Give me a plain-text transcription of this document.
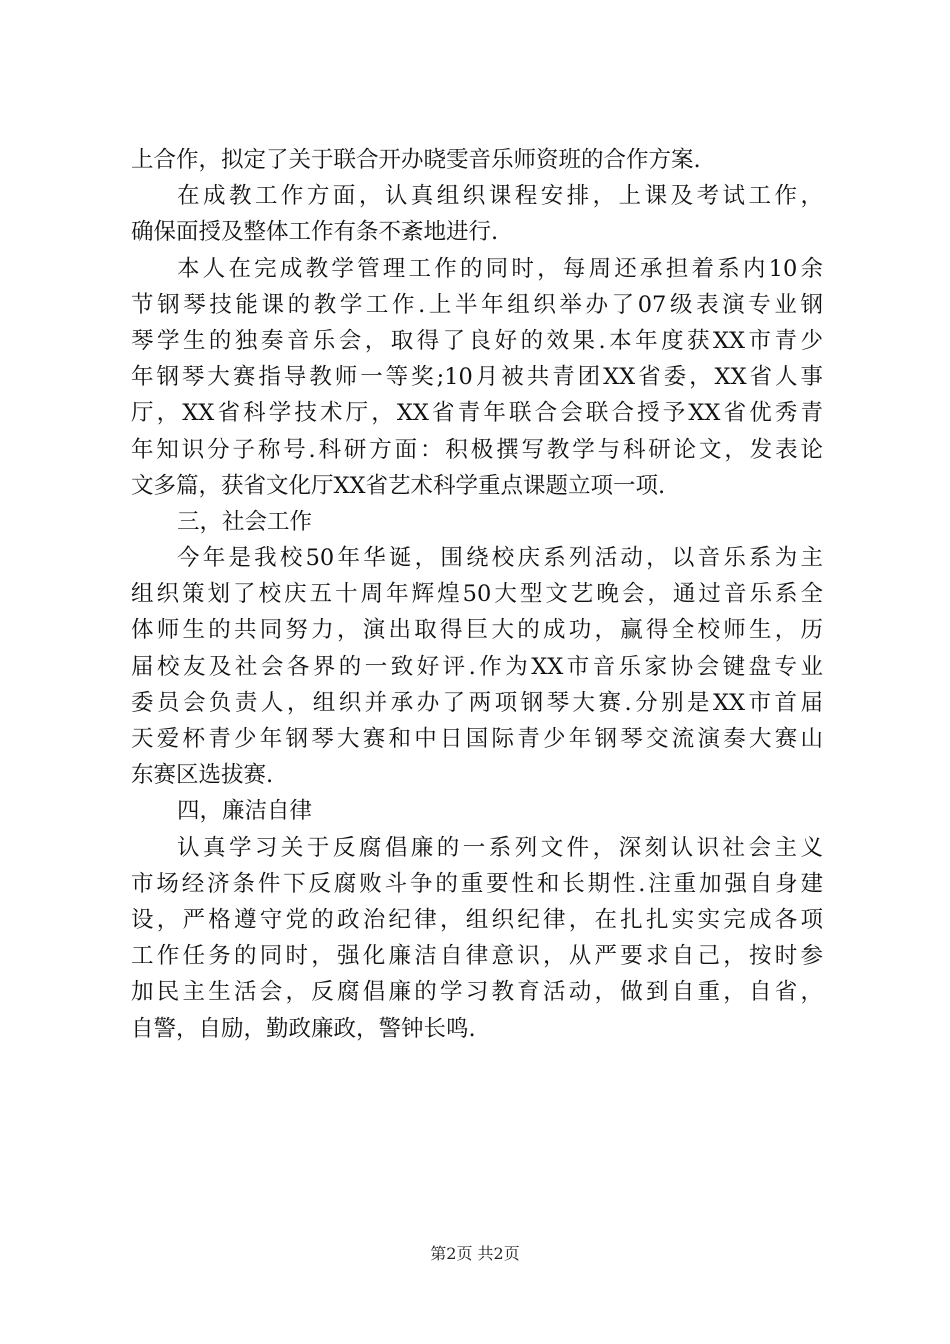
上合作，拟定了关于联合开办晓雯音乐师资班的合作方案.
在成教工作方面，认真组织课程安排，上课及考试工作，
确保面授及整体工作有条不紊地进行.
本人在完成教学管理工作的同时，每周还承担着系内10余
节钢琴技能课的教学工作.上半年组织举办了07级表演专业钢
琴学生的独奏音乐会，取得了良好的效果.本年度获XX市青少
年钢琴大赛指导教师一等奖;10月被共青团XX省委，XX省人事
厅，XX省科学技术厅，XX省青年联合会联合授予XX省优秀青
年知识分子称号.科研方面：积极撰写教学与科研论文，发表论
文多篇，获省文化厅XX省艺术科学重点课题立项一项.
三，社会工作
今年是我校50年华诞，围绕校庆系列活动，以音乐系为主
组织策划了校庆五十周年辉煌50大型文艺晚会，通过音乐系全
体师生的共同努力，演出取得巨大的成功，赢得全校师生，历
届校友及社会各界的一致好评.作为XX市音乐家协会键盘专业
委员会负责人，组织并承办了两项钢琴大赛.分别是XX市首届
天爱杯青少年钢琴大赛和中日国际青少年钢琴交流演奏大赛山
东赛区选拔赛.
四，廉洁自律
认真学习关于反腐倡廉的一系列文件，深刻认识社会主义
市场经济条件下反腐败斗争的重要性和长期性.注重加强自身建
设，严格遵守党的政治纪律，组织纪律，在扎扎实实完成各项
工作任务的同时，强化廉洁自律意识，从严要求自己，按时参
加民主生活会，反腐倡廉的学习教育活动，做到自重，自省，
自警，自励，勤政廉政，警钟长鸣.
第2页 共2页
